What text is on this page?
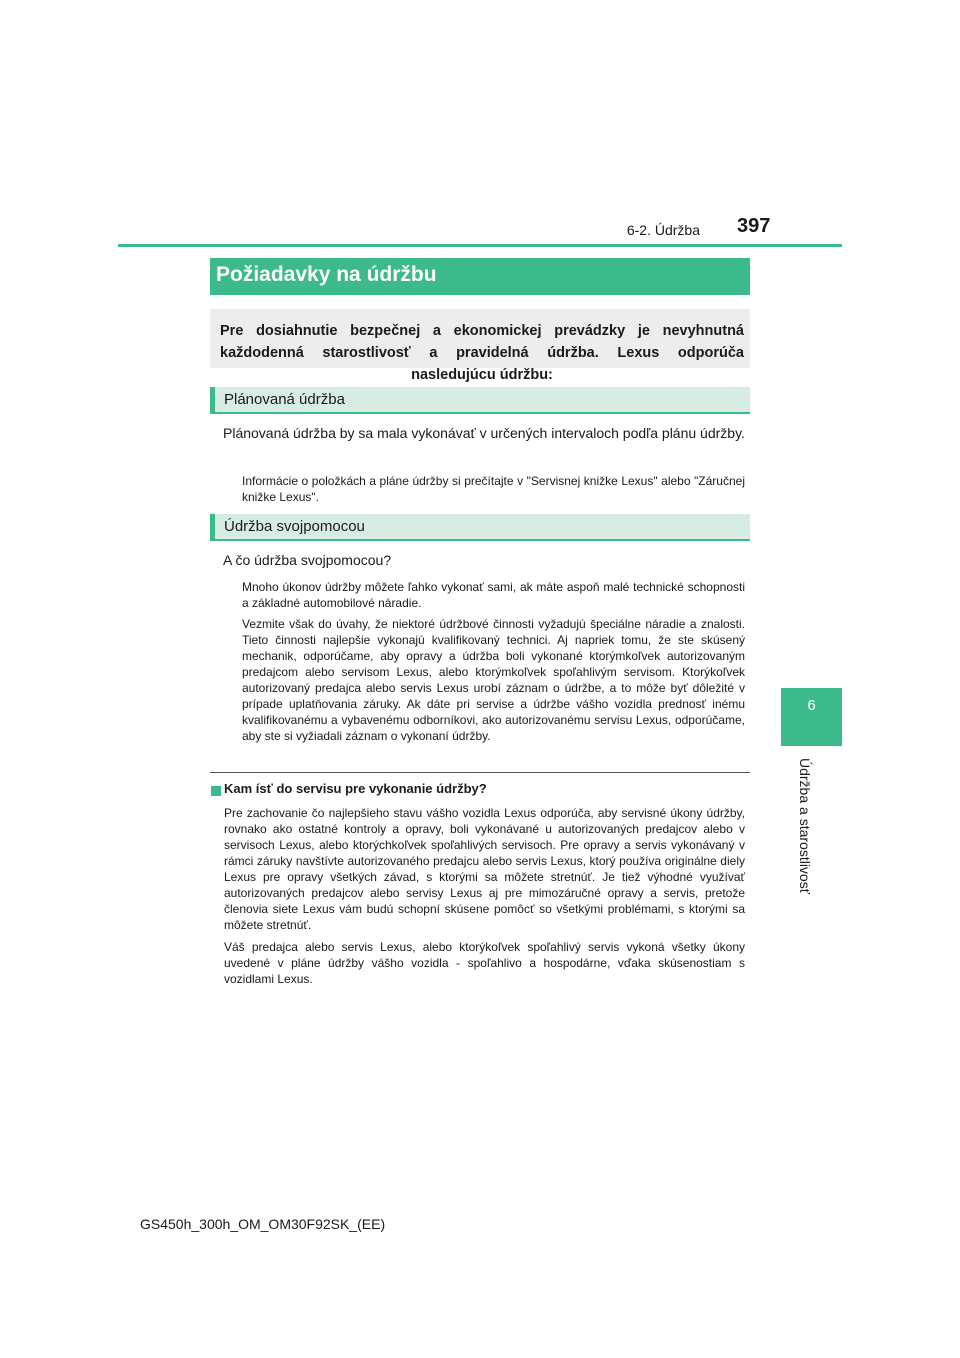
6-2. Údržba 397
6
Údržba a starostlivosť
Požiadavky na údržbu
Pre dosiahnutie bezpečnej a ekonomickej prevádzky je nevyhnutná každodenná starostlivosť a pravidelná údržba. Lexus odporúča nasledujúcu údržbu:
Plánovaná údržba
Plánovaná údržba by sa mala vykonávať v určených intervaloch podľa plánu údržby.
Informácie o položkách a pláne údržby si prečítajte v "Servisnej knižke Lexus" alebo "Záručnej knižke Lexus".
Údržba svojpomocou
A čo údržba svojpomocou?
Mnoho úkonov údržby môžete ľahko vykonať sami, ak máte aspoň malé technické schopnosti a základné automobilové náradie.
Vezmite však do úvahy, že niektoré údržbové činnosti vyžadujú špeciálne náradie a znalosti. Tieto činnosti najlepšie vykonajú kvalifikovaný technici. Aj napriek tomu, že ste skúsený mechanik, odporúčame, aby opravy a údržba boli vykonané ktorýmkoľvek autorizovaným predajcom alebo servisom Lexus, alebo ktorýmkoľvek spoľahlivým servisom. Ktorýkoľvek autorizovaný predajca alebo servis Lexus urobí záznam o údržbe, a to môže byť dôležité v prípade uplatňovania záruky. Ak dáte pri servise a údržbe vášho vozidla prednosť inému kvalifikovanému a vybavenému odborníkovi, ako autorizovanému servisu Lexus, odporúčame, aby ste si vyžiadali záznam o vykonaní údržby.
Kam ísť do servisu pre vykonanie údržby?
Pre zachovanie čo najlepšieho stavu vášho vozidla Lexus odporúča, aby servisné úkony údržby, rovnako ako ostatné kontroly a opravy, boli vykonávané u autorizovaných predajcov alebo v servisoch Lexus, alebo ktorýchkoľvek spoľahlivých servisoch. Pre opravy a servis vykonávaný v rámci záruky navštívte autorizovaného predajcu alebo servis Lexus, ktorý používa originálne diely Lexus pre opravy všetkých závad, s ktorými sa môžete stretnúť. Je tiež výhodné využívať autorizovaných predajcov alebo servisy Lexus aj pre mimozáručné opravy a servis, pretože členovia siete Lexus vám budú schopní skúsene pomôcť so všetkými problémami, s ktorými sa môžete stretnúť.
Váš predajca alebo servis Lexus, alebo ktorýkoľvek spoľahlivý servis vykoná všetky úkony uvedené v pláne údržby vášho vozidla - spoľahlivo a hospodárne, vďaka skúsenostiam s vozidlami Lexus.
GS450h_300h_OM_OM30F92SK_(EE)
